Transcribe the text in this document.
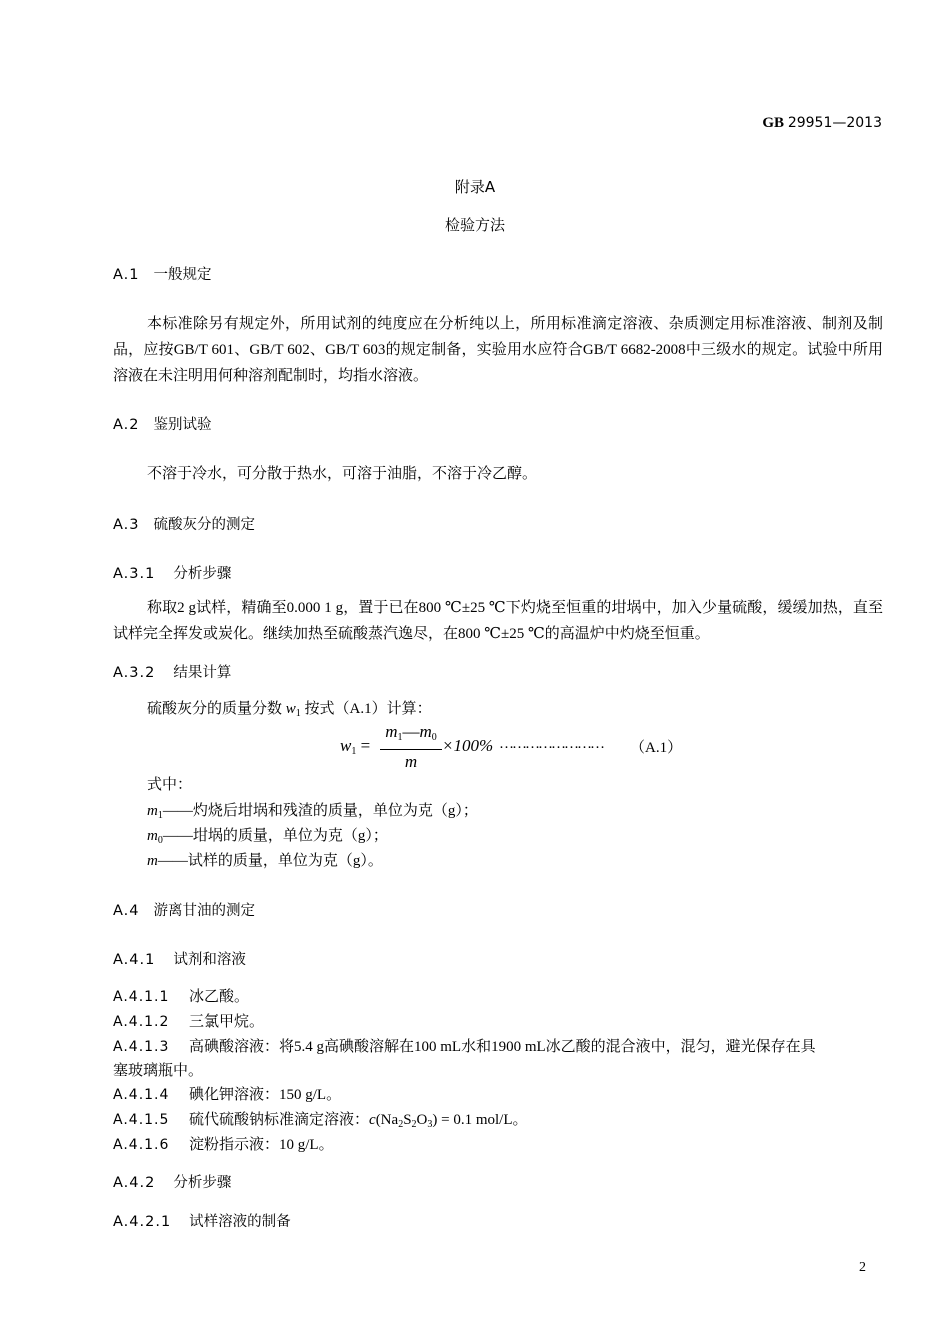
GB 29951—2013
附录A
检验方法
A.1 一般规定
本标准除另有规定外，所用试剂的纯度应在分析纯以上，所用标准滴定溶液、杂质测定用标准溶液、制剂及制品，应按GB/T 601、GB/T 602、GB/T 603的规定制备，实验用水应符合GB/T 6682-2008中三级水的规定。试验中所用溶液在未注明用何种溶剂配制时，均指水溶液。
A.2 鉴别试验
不溶于冷水，可分散于热水，可溶于油脂，不溶于冷乙醇。
A.3 硫酸灰分的测定
A.3.1 分析步骤
称取2 g试样，精确至0.000 1 g，置于已在800 ℃±25 ℃下灼烧至恒重的坩埚中，加入少量硫酸，缓缓加热，直至试样完全挥发或炭化。继续加热至硫酸蒸汽逸尽，在800 ℃±25 ℃的高温炉中灼烧至恒重。
A.3.2 结果计算
硫酸灰分的质量分数 $w_1$ 按式（A.1）计算：
$w_1$ =
$m_1—m_0$
m
×100% …………………… （A.1）
式中：
$m_1——$灼烧后坩埚和残渣的质量，单位为克（g）；
$m_0——$坩埚的质量，单位为克（g）；
m——试样的质量，单位为克（g）。
A.4 游离甘油的测定
A.4.1 试剂和溶液
A.4.1.1 冰乙酸。
A.4.1.2 三氯甲烷。
A.4.1.3 高碘酸溶液：将5.4 g高碘酸溶解在100 mL水和1900 mL冰乙酸的混合液中，混匀，避光保存在具
塞玻璃瓶中。
A.4.1.4 碘化钾溶液：150 g/L。
A.4.1.5 硫代硫酸钠标准滴定溶液：$c(Na_2S_2O_3) = 0.1$ mol/L。
A.4.1.6 淀粉指示液：10 g/L。
A.4.2 分析步骤
A.4.2.1 试样溶液的制备
2
